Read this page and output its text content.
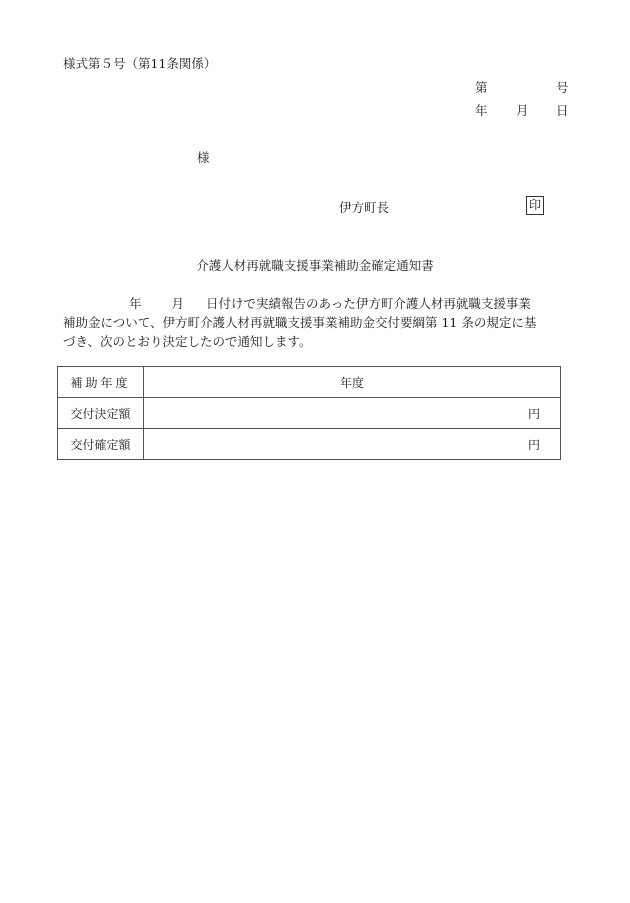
様式第５号（第11条関係）
第	号
年 月 日
様
伊方町長	印
介護人材再就職支援事業補助金確定通知書
年 月 日付けで実績報告のあった伊方町介護人材再就職支援事業
補助金について、伊方町介護人材再就職支援事業補助金交付要綱第 11 条の規定に基
づき、次のとおり決定したので通知します。
補助年度	年度
交付決定額	円
交付確定額	円
